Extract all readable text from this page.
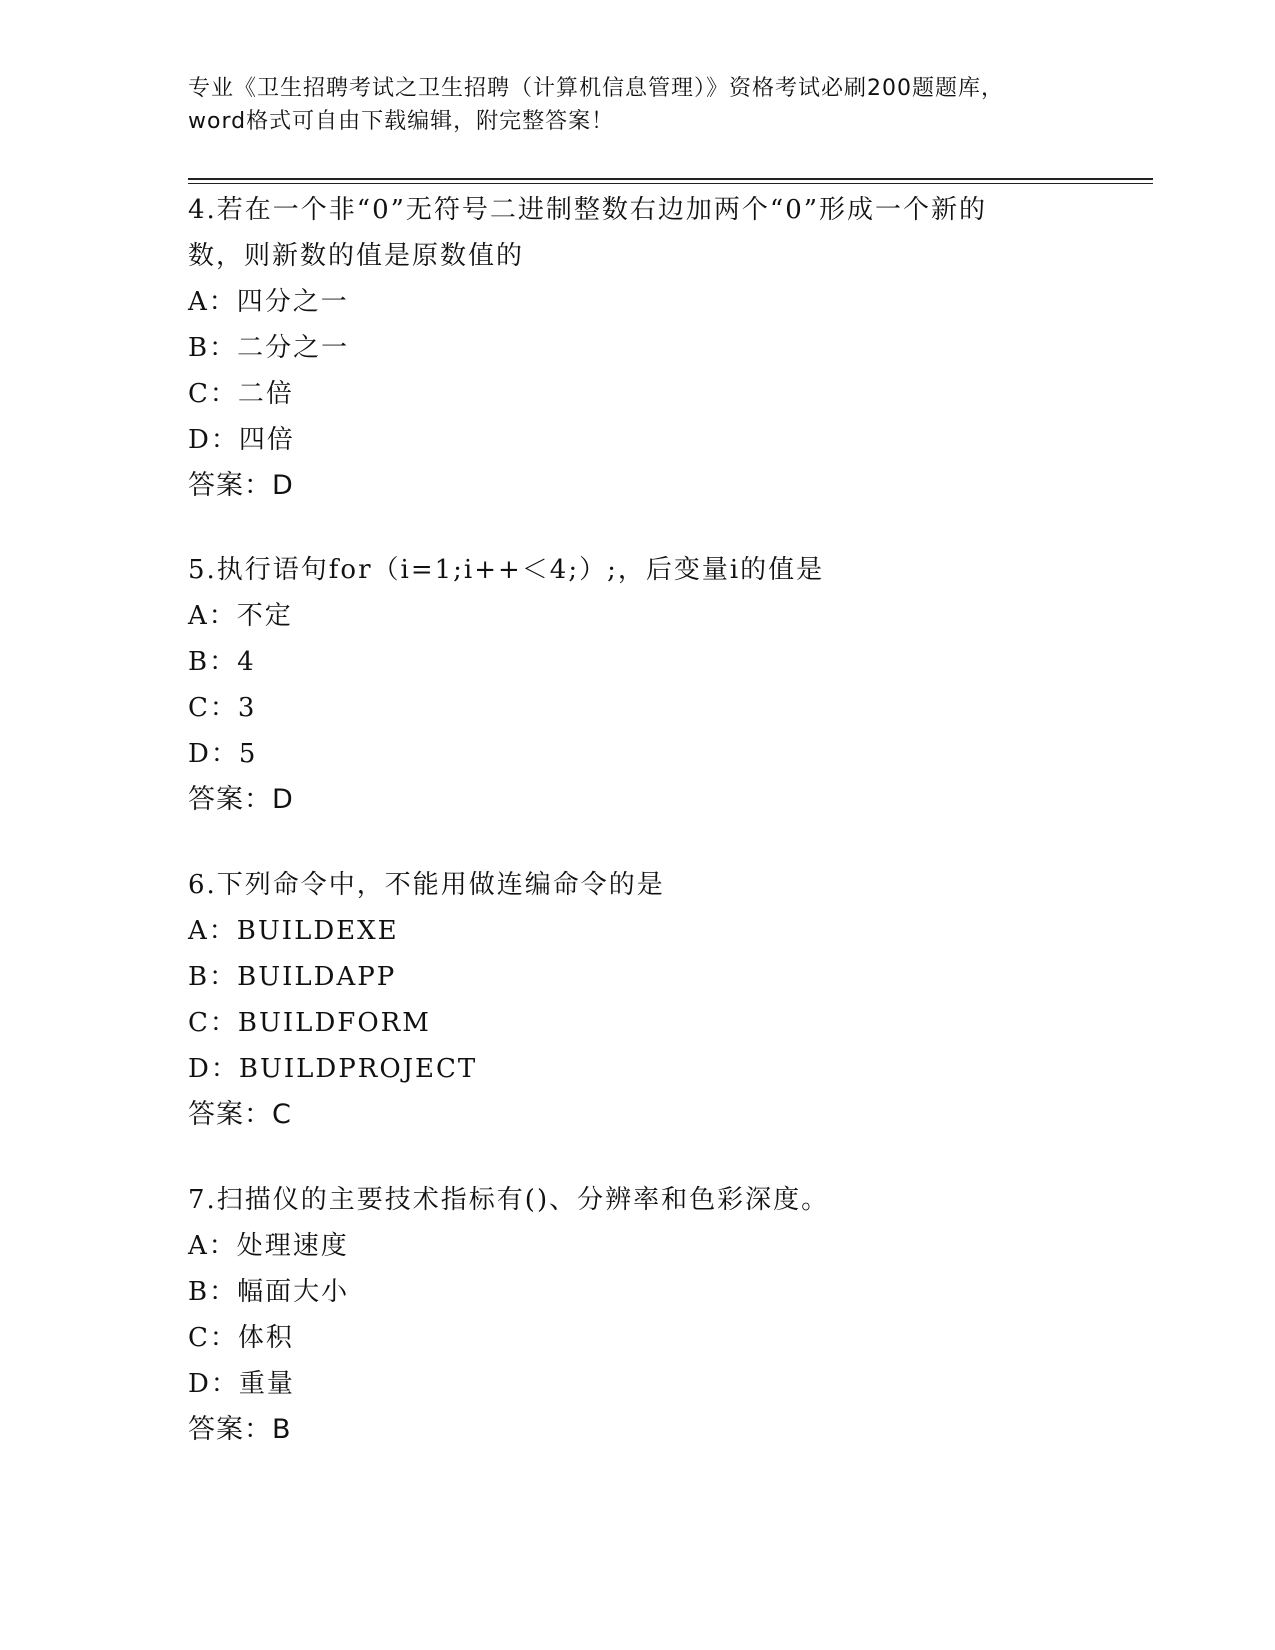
专业《卫生招聘考试之卫生招聘（计算机信息管理）》资格考试必刷200题题库，

word格式可自由下载编辑，附完整答案！

4.若在一个非“0”无符号二进制整数右边加两个“0”形成一个新的

数，则新数的值是原数值的

A：四分之一

B：二分之一

C：二倍

D：四倍

答案：D

5.执行语句for（i=1;i++＜4;）;，后变量i的值是

A：不定

B：4

C：3

D：5

答案：D

6.下列命令中，不能用做连编命令的是

A：BUILDEXE

B：BUILDAPP

C：BUILDFORM

D：BUILDPROJECT

答案：C

7.扫描仪的主要技术指标有()、分辨率和色彩深度。

A：处理速度

B：幅面大小

C：体积

D：重量

答案：B
